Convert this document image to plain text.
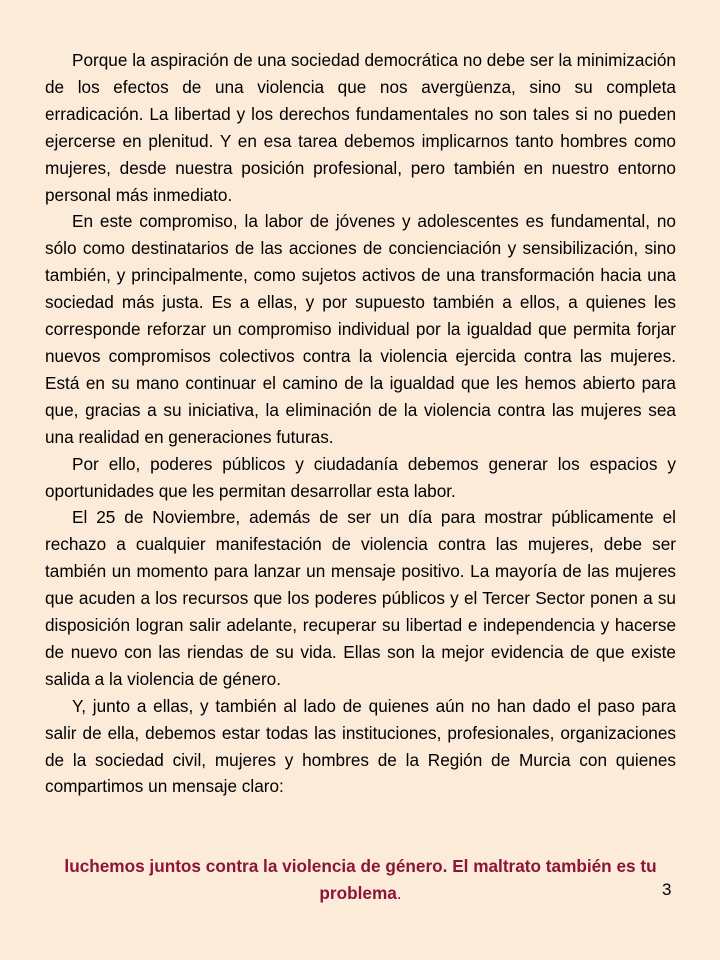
Porque la aspiración de una sociedad democrática no debe ser la minimización de los efectos de una violencia que nos avergüenza, sino su completa erradicación. La libertad y los derechos fundamentales no son tales si no pueden ejercerse en plenitud. Y en esa tarea debemos implicarnos tanto hombres como mujeres, desde nuestra posición profesional, pero también en nuestro entorno personal más inmediato.

En este compromiso, la labor de jóvenes y adolescentes es fundamental, no sólo como destinatarios de las acciones de concienciación y sensibilización, sino también, y principalmente, como sujetos activos de una transformación hacia una sociedad más justa. Es a ellas, y por supuesto también a ellos, a quienes les corresponde reforzar un compromiso individual por la igualdad que permita forjar nuevos compromisos colectivos contra la violencia ejercida contra las mujeres. Está en su mano continuar el camino de la igualdad que les hemos abierto para que, gracias a su iniciativa, la eliminación de la violencia contra las mujeres sea una realidad en generaciones futuras.

Por ello, poderes públicos y ciudadanía debemos generar los espacios y oportunidades que les permitan desarrollar esta labor.

El 25 de Noviembre, además de ser un día para mostrar públicamente el rechazo a cualquier manifestación de violencia contra las mujeres, debe ser también un momento para lanzar un mensaje positivo. La mayoría de las mujeres que acuden a los recursos que los poderes públicos y el Tercer Sector ponen a su disposición logran salir adelante, recuperar su libertad e independencia y hacerse de nuevo con las riendas de su vida. Ellas son la mejor evidencia de que existe salida a la violencia de género.

Y, junto a ellas, y también al lado de quienes aún no han dado el paso para salir de ella, debemos estar todas las instituciones, profesionales, organizaciones de la sociedad civil, mujeres y hombres de la Región de Murcia con quienes compartimos un mensaje claro:

luchemos juntos contra la violencia de género. El maltrato también es tu problema.	3
